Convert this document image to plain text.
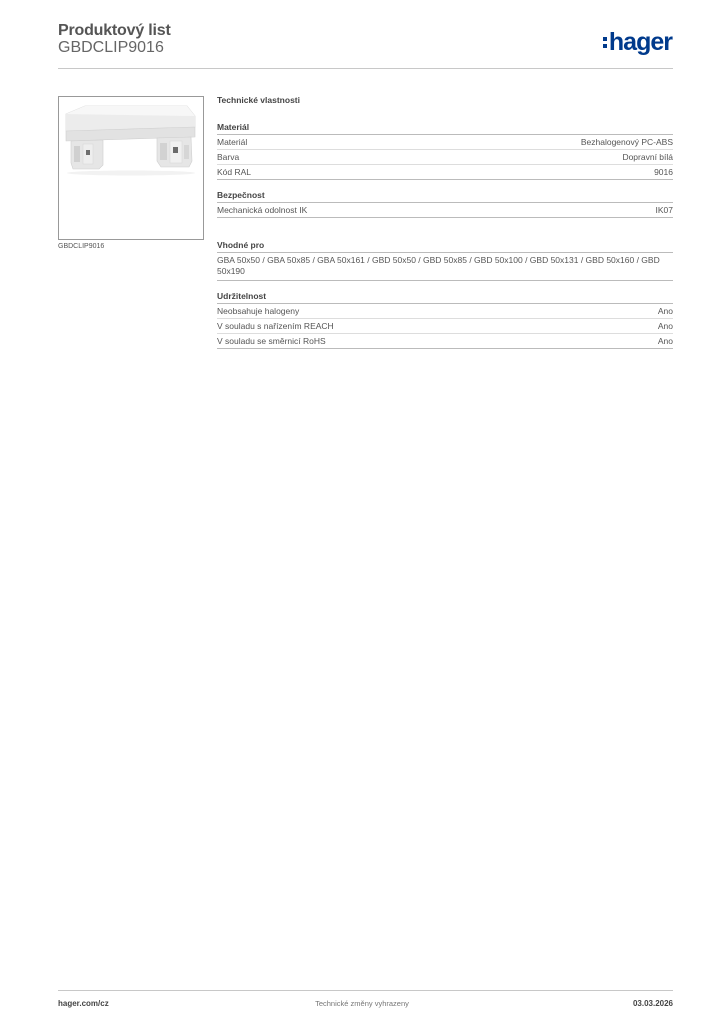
Produktový list
GBDCLIP9016	hager
GBDCLIP9016
Technické vlastnosti
Materiál
Materiál	Bezhalogenový PC-ABS
Barva	Dopravní bílá
Kód RAL	9016
Bezpečnost
Mechanická odolnost IK	IK07
Vhodné pro
GBA 50x50 / GBA 50x85 / GBA 50x161 / GBD 50x50 / GBD 50x85 / GBD 50x100 / GBD 50x131 / GBD 50x160 / GBD 50x190
Udržitelnost
Neobsahuje halogeny	Ano
V souladu s nařízením REACH	Ano
V souladu se směrnicí RoHS	Ano
hager.com/cz	Technické změny vyhrazeny	03.03.2026
